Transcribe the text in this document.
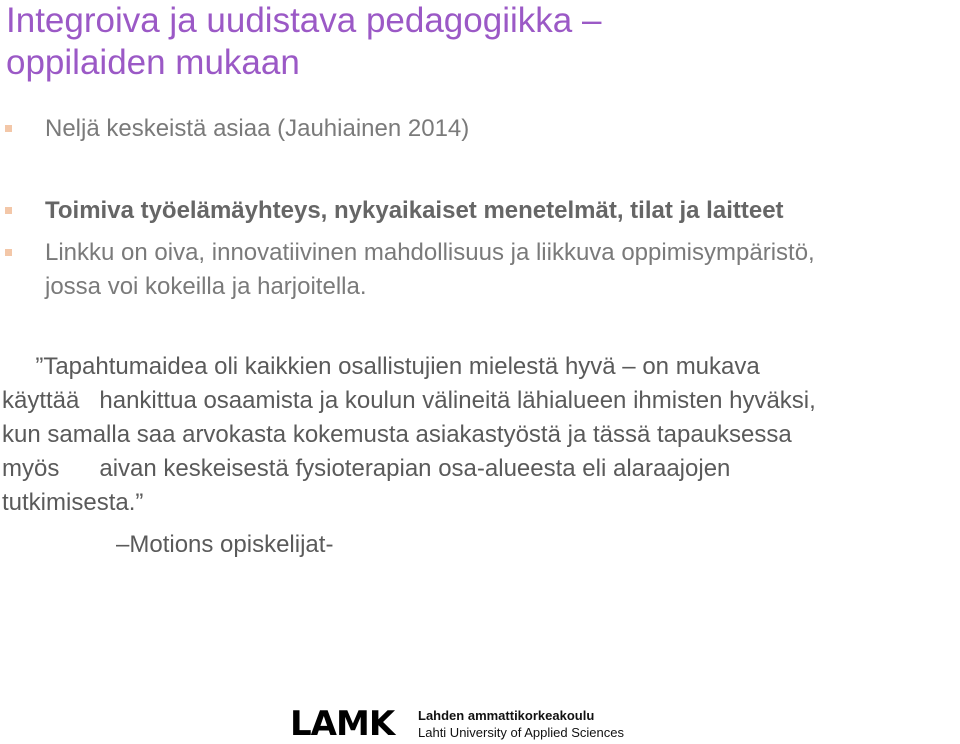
Integroiva ja uudistava pedagogiikka –
oppilaiden mukaan
Neljä keskeistä asiaa (Jauhiainen 2014)
Toimiva työelämäyhteys, nykyaikaiset menetelmät, tilat ja laitteet
Linkku on oiva, innovatiivinen mahdollisuus ja liikkuva oppimisympäristö,
jossa voi kokeilla ja harjoitella.
”Tapahtumaidea oli kaikkien osallistujien mielestä hyvä – on mukava
käyttää   hankittua osaamista ja koulun välineitä lähialueen ihmisten hyväksi,
kun samalla saa arvokasta kokemusta asiakastyöstä ja tässä tapauksessa
myös      aivan keskeisestä fysioterapian osa-alueesta eli alaraajojen
tutkimisesta.”
–Motions opiskelijat-
LAMK Lahden ammattikorkeakoulu
Lahti University of Applied Sciences
